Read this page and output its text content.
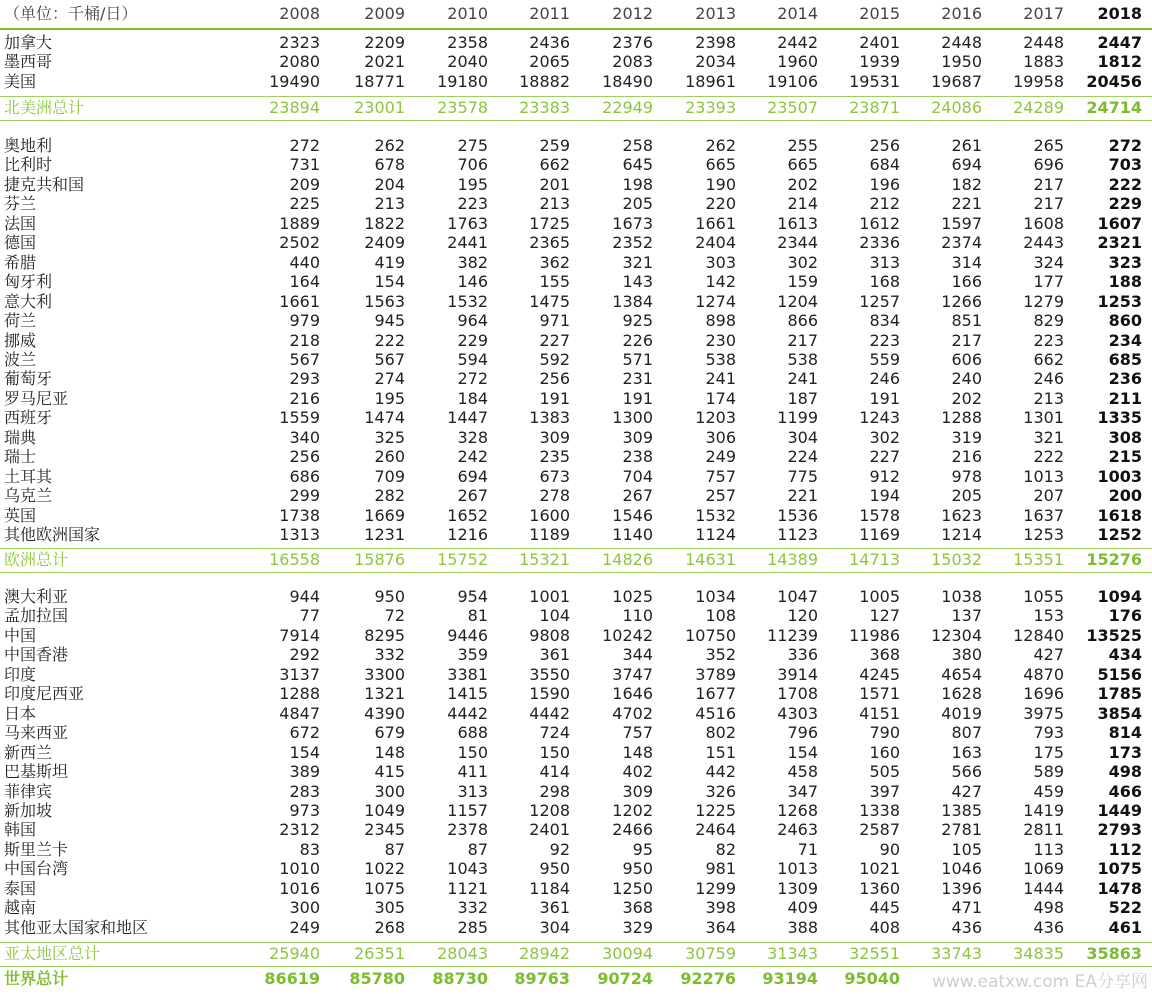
（单位：千桶/日）	2008	2009	2010	2011	2012	2013	2014	2015	2016	2017	2018
加拿大	2323	2209	2358	2436	2376	2398	2442	2401	2448	2448	2447
墨西哥	2080	2021	2040	2065	2083	2034	1960	1939	1950	1883	1812
美国	19490	18771	19180	18882	18490	18961	19106	19531	19687	19958	20456
北美洲总计	23894	23001	23578	23383	22949	23393	23507	23871	24086	24289	24714
奥地利	272	262	275	259	258	262	255	256	261	265	272
比利时	731	678	706	662	645	665	665	684	694	696	703
捷克共和国	209	204	195	201	198	190	202	196	182	217	222
芬兰	225	213	223	213	205	220	214	212	221	217	229
法国	1889	1822	1763	1725	1673	1661	1613	1612	1597	1608	1607
德国	2502	2409	2441	2365	2352	2404	2344	2336	2374	2443	2321
希腊	440	419	382	362	321	303	302	313	314	324	323
匈牙利	164	154	146	155	143	142	159	168	166	177	188
意大利	1661	1563	1532	1475	1384	1274	1204	1257	1266	1279	1253
荷兰	979	945	964	971	925	898	866	834	851	829	860
挪威	218	222	229	227	226	230	217	223	217	223	234
波兰	567	567	594	592	571	538	538	559	606	662	685
葡萄牙	293	274	272	256	231	241	241	246	240	246	236
罗马尼亚	216	195	184	191	191	174	187	191	202	213	211
西班牙	1559	1474	1447	1383	1300	1203	1199	1243	1288	1301	1335
瑞典	340	325	328	309	309	306	304	302	319	321	308
瑞士	256	260	242	235	238	249	224	227	216	222	215
土耳其	686	709	694	673	704	757	775	912	978	1013	1003
乌克兰	299	282	267	278	267	257	221	194	205	207	200
英国	1738	1669	1652	1600	1546	1532	1536	1578	1623	1637	1618
其他欧洲国家	1313	1231	1216	1189	1140	1124	1123	1169	1214	1253	1252
欧洲总计	16558	15876	15752	15321	14826	14631	14389	14713	15032	15351	15276
澳大利亚	944	950	954	1001	1025	1034	1047	1005	1038	1055	1094
孟加拉国	77	72	81	104	110	108	120	127	137	153	176
中国	7914	8295	9446	9808	10242	10750	11239	11986	12304	12840	13525
中国香港	292	332	359	361	344	352	336	368	380	427	434
印度	3137	3300	3381	3550	3747	3789	3914	4245	4654	4870	5156
印度尼西亚	1288	1321	1415	1590	1646	1677	1708	1571	1628	1696	1785
日本	4847	4390	4442	4442	4702	4516	4303	4151	4019	3975	3854
马来西亚	672	679	688	724	757	802	796	790	807	793	814
新西兰	154	148	150	150	148	151	154	160	163	175	173
巴基斯坦	389	415	411	414	402	442	458	505	566	589	498
菲律宾	283	300	313	298	309	326	347	397	427	459	466
新加坡	973	1049	1157	1208	1202	1225	1268	1338	1385	1419	1449
韩国	2312	2345	2378	2401	2466	2464	2463	2587	2781	2811	2793
斯里兰卡	83	87	87	92	95	82	71	90	105	113	112
中国台湾	1010	1022	1043	950	950	981	1013	1021	1046	1069	1075
泰国	1016	1075	1121	1184	1250	1299	1309	1360	1396	1444	1478
越南	300	305	332	361	368	398	409	445	471	498	522
其他亚太国家和地区	249	268	285	304	329	364	388	408	436	436	461
亚太地区总计	25940	26351	28043	28942	30094	30759	31343	32551	33743	34835	35863
世界总计	86619	85780	88730	89763	90724	92276	93194	95040 www.eatxw.com EA分享网
